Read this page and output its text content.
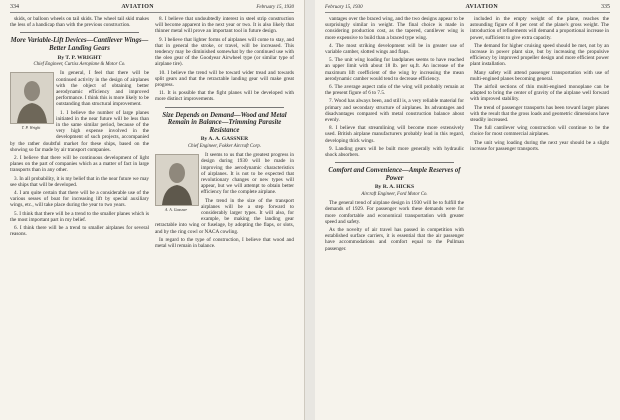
334	AVIATION	February 15, 1930

skids, or balloon wheels on tail skids. The wheel tail skid makes the less of a handicap than with the previous construction.

More Variable-Lift Devices—Cantilever Wings—Better Landing Gears
By T. P. WRIGHT
Chief Engineer, Curtiss Aeroplane & Motor Co.
T. P. Wright

In general, I feel that there will be continued activity in the design of airplanes with the object of obtaining better aerodynamic efficiency and improved performance. I think this is more likely to be outstanding than structural improvement.

1. I believe the number of large planes initiated in the near future will be less than in the same similar period, because of the very high expense involved in the development of such projects, accompanied by the rather doubtful market for these ships, based on the showing so far made by air transport companies.

2. I believe that there will be continuous development of light planes on the part of companies which as a matter of fact in large transports than in any other.

3. In all probability, it is my belief that in the near future we may see ships that will be developed.

4. I am quite certain that there will be a considerable use of the various sesses of boat for increasing lift by special auxiliary wings, etc., will take place during the year to two years.

5. I think that there will be a trend to the smaller planes which is the most important part in my belief.

6. I think there will be a trend to smaller airplanes for several reasons.

8. I believe that undoubtedly interest in steel strip construction will become apparent in the next year or two. It is also likely that thinner metal will prove an important tool in future design.

9. I believe that lighter forms of airplanes will come to stay, and that in general the stroke, or travel, will be increased. This tendency may be diminished somewhat by the continued use with the oleo gear of the Goodyear Airwheel type (or similar type of airplane tire).

10. I believe the trend will be toward wider tread and towards split gears and that the retractable landing gear will make great progress.

11. It is possible that the fight planes will be developed with more distinct improvements.

Size Depends on Demand—Wood and Metal Remain in Balance—Trimming Parasite Resistance
By A. A. GASSNER
Chief Engineer, Fokker Aircraft Corp.
A. A. Gassner

It seems to us that the greatest progress in design during 1930 will be made in improving the aerodynamic characteristics of airplanes. It is not to be expected that revolutionary changes or new types will appear, but we will attempt to obtain better efficiency for the complete airplane.

The trend in the size of the transport airplanes will be a step forward to considerably larger types. It will also, for example, be making the landing gear retractable into wing or fuselage, by adopting the flaps, or slots, and by the ring cowl or NACA cowling.

In regard to the type of construction, I believe that wood and metal will remain in balance.

February 15, 1930	AVIATION	335

vantages over the braced wing, and the two designs appear to be surprisingly similar in weight. The final choice is made in considering production cost, as the tapered, cantilever wing is more expensive to build than a braced type wing.

4. The most striking development will be in greater use of variable camber, slotted wings and flaps.

5. The unit wing loading for landplanes seems to have reached an upper limit with about 18 lb. per sq.ft. An increase of the maximum lift coefficient of the wing by increasing the mean aerodynamic camber would tend to decrease efficiency.

6. The average aspect ratio of the wing will probably remain at the present figure of 6 to 7.5.

7. Wood has always been, and still is, a very reliable material for primary and secondary structure of airplanes. Its advantages and disadvantages compared with metal construction balance about evenly.

8. I believe that streamlining will become more extensively used. British airplane manufacturers probably lead in this regard, developing thick wings.

9. Landing gears will be built more generally with hydraulic shock absorbers.

Comfort and Convenience—Ample Reserves of Power
By R. A. HICKS
Aircraft Engineer, Ford Motor Co.

The general trend of airplane design in 1930 will be to fulfill the demands of 1929. For passenger work these demands were for more comfortable and economical transportation with greater speed and safety.

As the novelty of air travel has passed in competition with established surface carriers, it is essential that the air passenger have accommodations and comfort equal to the Pullman passenger.

included in the empty weight of the plane, reaches the astounding figure of 8 per cent of the plane's gross weight. The introduction of refinements will demand a proportional increase in power, sufficient to give extra capacity.

The demand for higher cruising speed should be met, not by an increase in power plant size, but by increasing the propulsive efficiency by improved propeller design and more efficient power plant installation.

Many safety will attend passenger transportation with use of multi-engined planes becoming general.

The airfoil sections of thin multi-engined monoplane can be adapted to bring the center of gravity of the airplane well forward with improved stability.

The trend of passenger transports has been toward larger planes with the result that the gross loads and geometric dimensions have steadily increased.

The full cantilever wing construction will continue to be the choice for most commercial airplanes.

The unit wing loading during the next year should be a slight increase for passenger transports.
